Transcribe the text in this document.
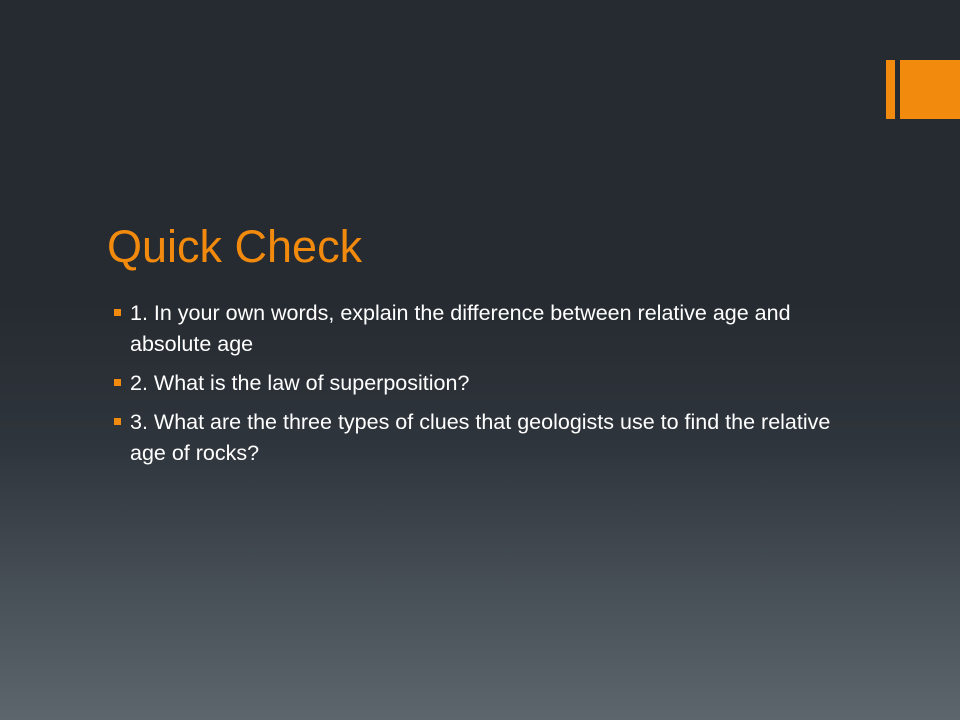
Quick Check
1. In your own words, explain the difference between relative age and absolute age
2. What is the law of superposition?
3. What are the three types of clues that geologists use to find the relative age of rocks?
